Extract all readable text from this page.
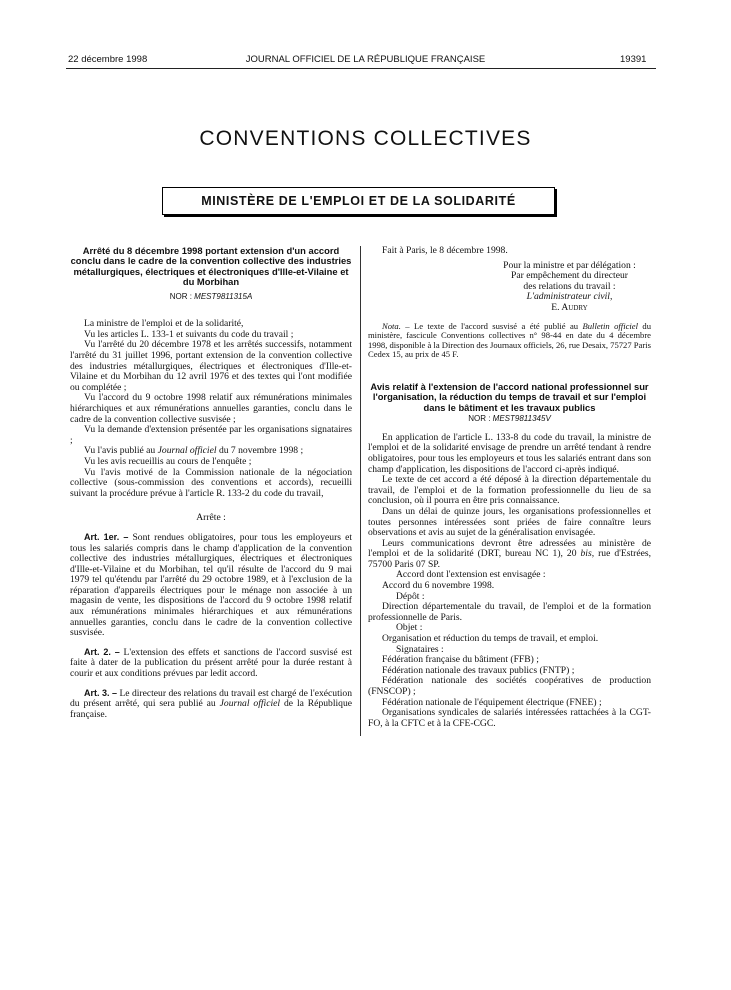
22 décembre 1998	JOURNAL OFFICIEL DE LA RÉPUBLIQUE FRANÇAISE	19391
CONVENTIONS COLLECTIVES
MINISTÈRE DE L'EMPLOI ET DE LA SOLIDARITÉ

Arrêté du 8 décembre 1998 portant extension d'un accord conclu dans le cadre de la convention collective des industries métallurgiques, électriques et électroniques d'Ille-et-Vilaine et du Morbihan

NOR : MEST9811315A

La ministre de l'emploi et de la solidarité,

Vu les articles L. 133-1 et suivants du code du travail ;

Vu l'arrêté du 20 décembre 1978 et les arrêtés successifs, notamment l'arrêté du 31 juillet 1996, portant extension de la convention collective des industries métallurgiques, électriques et électroniques d'Ille-et-Vilaine et du Morbihan du 12 avril 1976 et des textes qui l'ont modifiée ou complétée ;

Vu l'accord du 9 octobre 1998 relatif aux rémunérations minimales hiérarchiques et aux rémunérations annuelles garanties, conclu dans le cadre de la convention collective susvisée ;

Vu la demande d'extension présentée par les organisations signataires ;

Vu l'avis publié au Journal officiel du 7 novembre 1998 ;

Vu les avis recueillis au cours de l'enquête ;

Vu l'avis motivé de la Commission nationale de la négociation collective (sous-commission des conventions et accords), recueilli suivant la procédure prévue à l'article R. 133-2 du code du travail,

Arrête :

Art. 1er. – Sont rendues obligatoires, pour tous les employeurs et tous les salariés compris dans le champ d'application de la convention collective des industries métallurgiques, électriques et électroniques d'Ille-et-Vilaine et du Morbihan, tel qu'il résulte de l'accord du 9 mai 1979 tel qu'étendu par l'arrêté du 29 octobre 1989, et à l'exclusion de la réparation d'appareils électriques pour le ménage non associée à un magasin de vente, les dispositions de l'accord du 9 octobre 1998 relatif aux rémunérations minimales hiérarchiques et aux rémunérations annuelles garanties, conclu dans le cadre de la convention collective susvisée.

Art. 2. – L'extension des effets et sanctions de l'accord susvisé est faite à dater de la publication du présent arrêté pour la durée restant à courir et aux conditions prévues par ledit accord.

Art. 3. – Le directeur des relations du travail est chargé de l'exécution du présent arrêté, qui sera publié au Journal officiel de la République française.

Fait à Paris, le 8 décembre 1998.

Pour la ministre et par délégation :

Par empêchement du directeur

des relations du travail :

L'administrateur civil,

E. Audry

Nota. – Le texte de l'accord susvisé a été publié au Bulletin officiel du ministère, fascicule Conventions collectives n° 98-44 en date du 4 décembre 1998, disponible à la Direction des Journaux officiels, 26, rue Desaix, 75727 Paris Cedex 15, au prix de 45 F.

Avis relatif à l'extension de l'accord national professionnel sur l'organisation, la réduction du temps de travail et sur l'emploi dans le bâtiment et les travaux publics

NOR : MEST9811345V

En application de l'article L. 133-8 du code du travail, la ministre de l'emploi et de la solidarité envisage de prendre un arrêté tendant à rendre obligatoires, pour tous les employeurs et tous les salariés entrant dans son champ d'application, les dispositions de l'accord ci-après indiqué.

Le texte de cet accord a été déposé à la direction départementale du travail, de l'emploi et de la formation professionnelle du lieu de sa conclusion, où il pourra en être pris connaissance.

Dans un délai de quinze jours, les organisations professionnelles et toutes personnes intéressées sont priées de faire connaître leurs observations et avis au sujet de la généralisation envisagée.

Leurs communications devront être adressées au ministère de l'emploi et de la solidarité (DRT, bureau NC 1), 20 bis, rue d'Estrées, 75700 Paris 07 SP.

Accord dont l'extension est envisagée :

Accord du 6 novembre 1998.

Dépôt :

Direction départementale du travail, de l'emploi et de la formation professionnelle de Paris.

Objet :

Organisation et réduction du temps de travail, et emploi.

Signataires :

Fédération française du bâtiment (FFB) ;

Fédération nationale des travaux publics (FNTP) ;

Fédération nationale des sociétés coopératives de production (FNSCOP) ;

Fédération nationale de l'équipement électrique (FNEE) ;

Organisations syndicales de salariés intéressées rattachées à la CGT-FO, à la CFTC et à la CFE-CGC.
